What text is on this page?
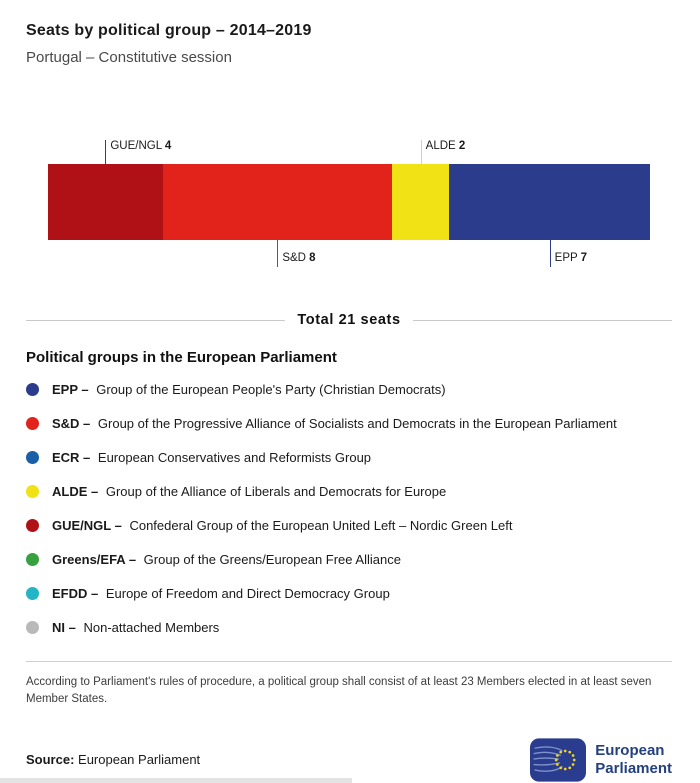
Seats by political group – 2014–2019
Portugal – Constitutive session
GUE/NGL 4	ALDE 2
S&D 8	EPP 7
Total 21 seats
Political groups in the European Parliament
EPP – Group of the European People's Party (Christian Democrats)
S&D – Group of the Progressive Alliance of Socialists and Democrats in the European Parliament
ECR – European Conservatives and Reformists Group
ALDE – Group of the Alliance of Liberals and Democrats for Europe
GUE/NGL – Confederal Group of the European United Left – Nordic Green Left
Greens/EFA – Group of the Greens/European Free Alliance
EFDD – Europe of Freedom and Direct Democracy Group
NI – Non-attached Members

According to Parliament's rules of procedure, a political group shall consist of at least 23 Members elected in at least seven Member States.

Source: European Parliament

European
Parliament
